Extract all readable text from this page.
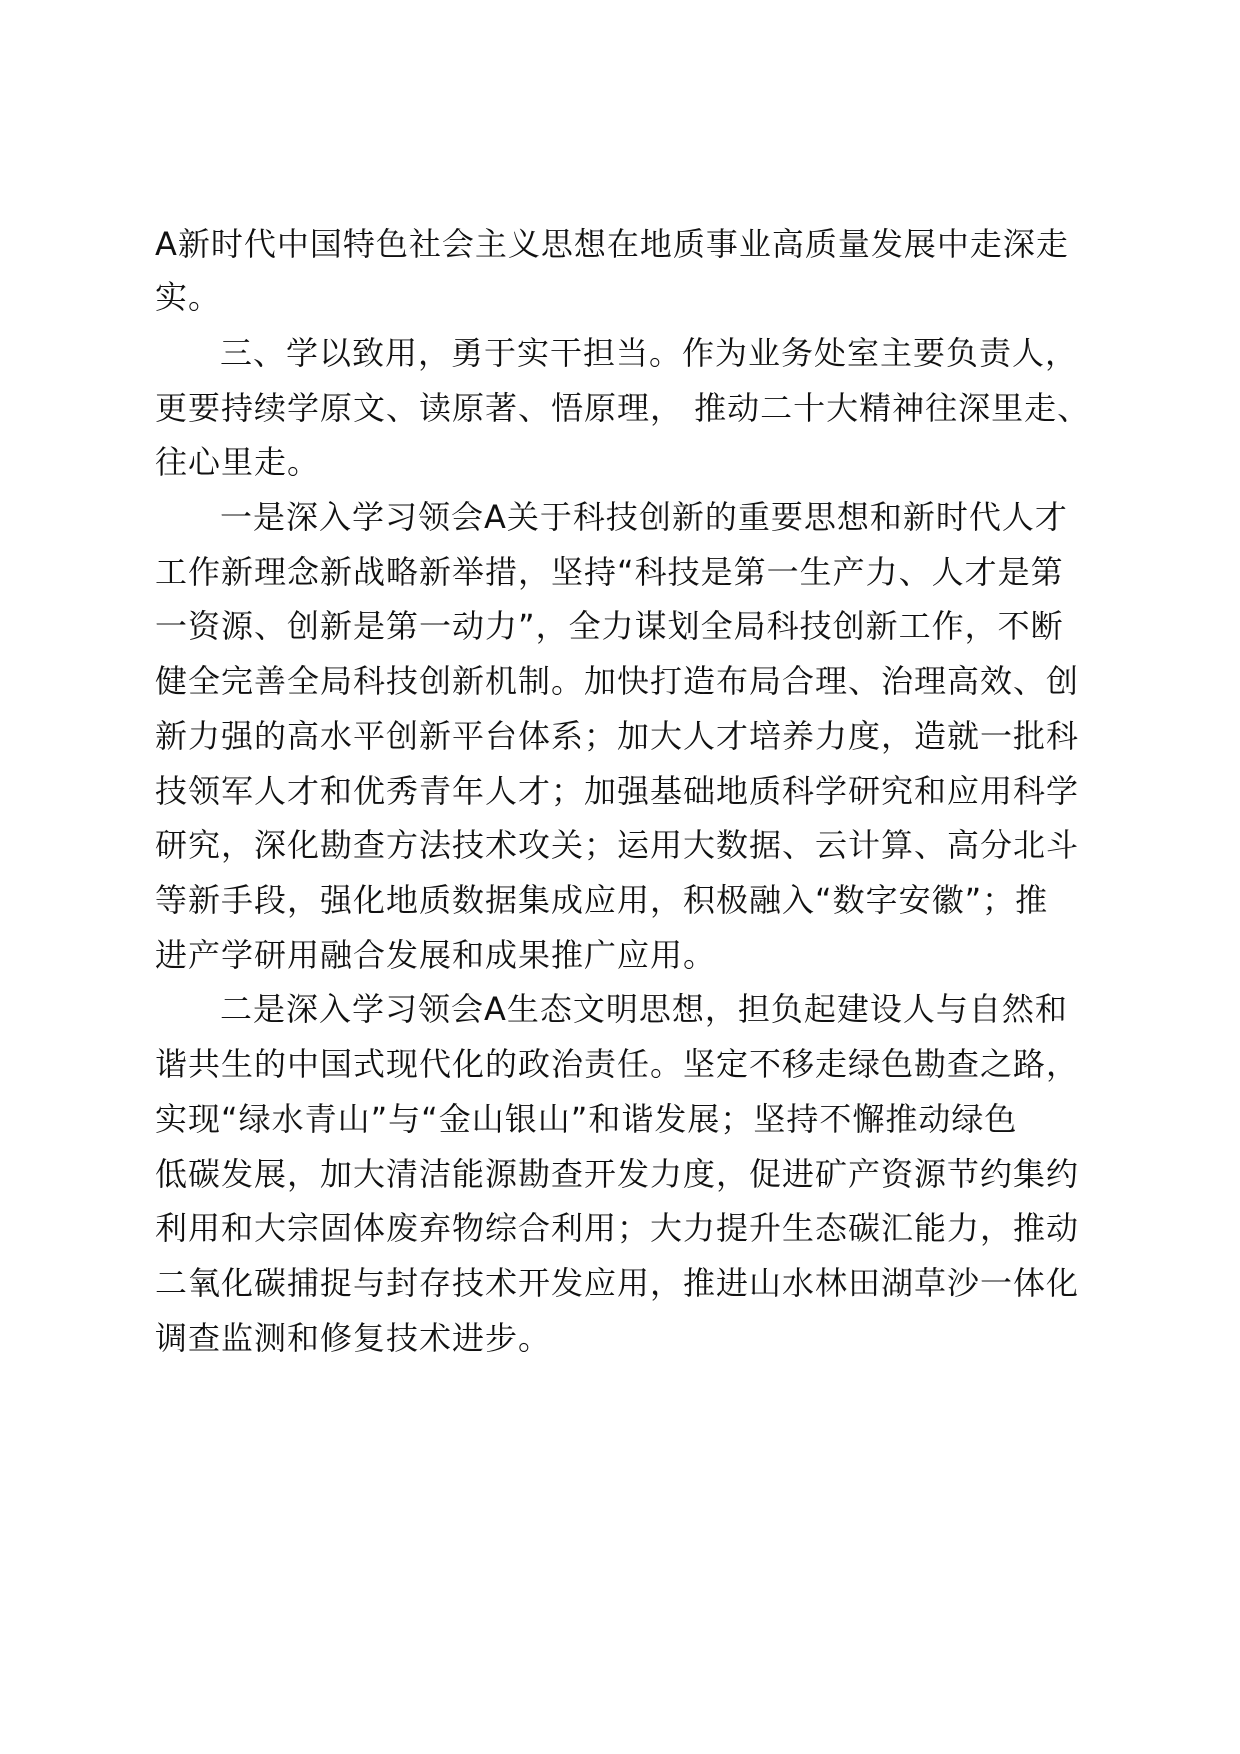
A新时代中国特色社会主义思想在地质事业高质量发展中走深走
实。
三、学以致用，勇于实干担当。作为业务处室主要负责人，
更要持续学原文、读原著、悟原理， 推动二十大精神往深里走、
往心里走。
一是深入学习领会A关于科技创新的重要思想和新时代人才
工作新理念新战略新举措，坚持“科技是第一生产力、人才是第
一资源、创新是第一动力”，全力谋划全局科技创新工作，不断
健全完善全局科技创新机制。加快打造布局合理、治理高效、创
新力强的高水平创新平台体系；加大人才培养力度，造就一批科
技领军人才和优秀青年人才；加强基础地质科学研究和应用科学
研究，深化勘查方法技术攻关；运用大数据、云计算、高分北斗
等新手段，强化地质数据集成应用，积极融入“数字安徽”；推
进产学研用融合发展和成果推广应用。
二是深入学习领会A生态文明思想，担负起建设人与自然和
谐共生的中国式现代化的政治责任。坚定不移走绿色勘查之路，
实现“绿水青山”与“金山银山”和谐发展；坚持不懈推动绿色
低碳发展，加大清洁能源勘查开发力度，促进矿产资源节约集约
利用和大宗固体废弃物综合利用；大力提升生态碳汇能力，推动
二氧化碳捕捉与封存技术开发应用，推进山水林田湖草沙一体化
调查监测和修复技术进步。
